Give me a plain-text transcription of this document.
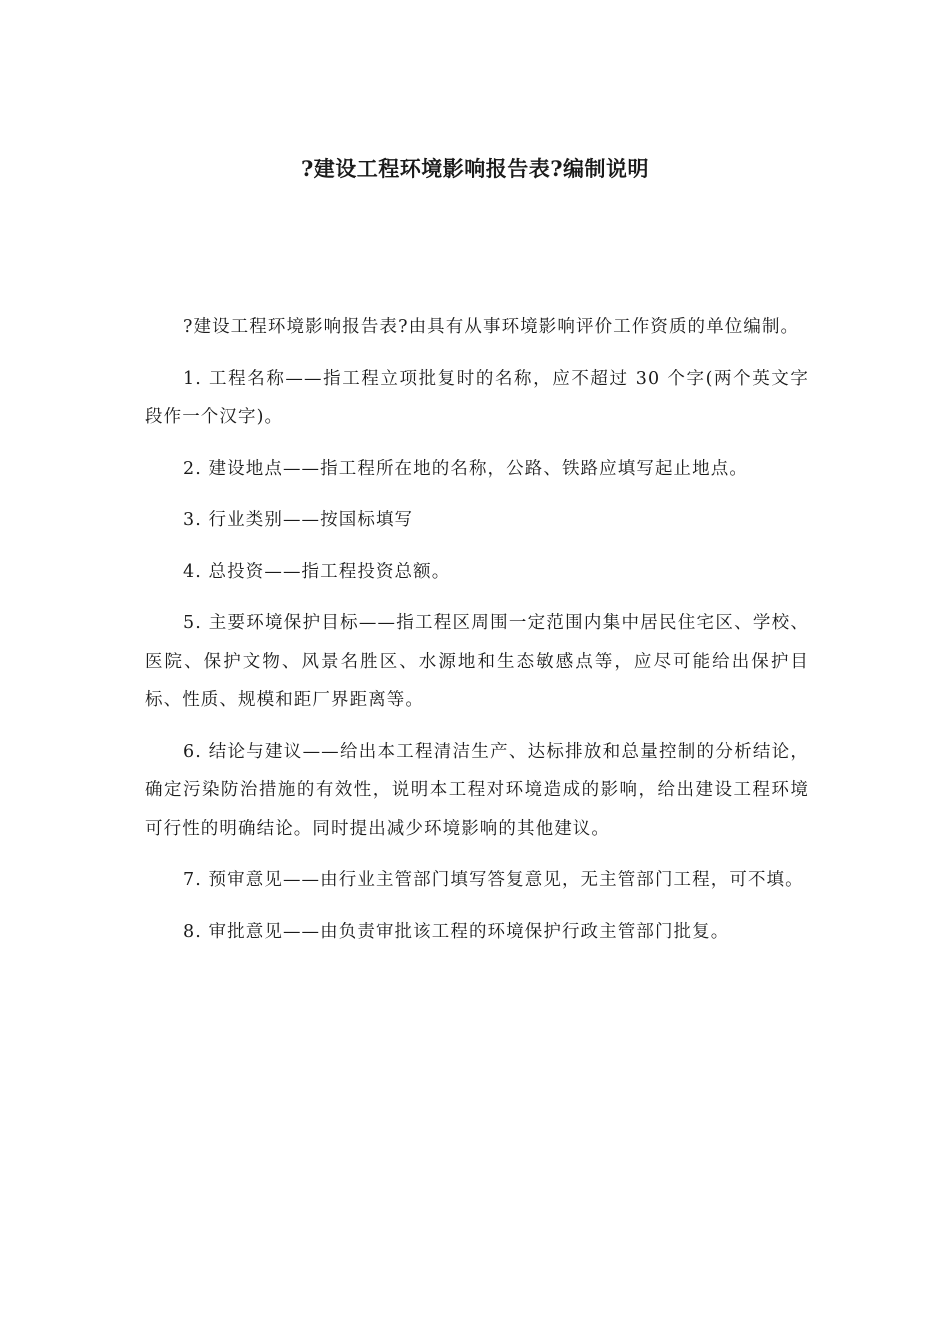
?建设工程环境影响报告表?编制说明

?建设工程环境影响报告表?由具有从事环境影响评价工作资质的单位编制。

1. 工程名称——指工程立项批复时的名称，应不超过 30 个字(两个英文字段作一个汉字)。

2. 建设地点——指工程所在地的名称，公路、铁路应填写起止地点。

3. 行业类别——按国标填写

4. 总投资——指工程投资总额。

5. 主要环境保护目标——指工程区周围一定范围内集中居民住宅区、学校、医院、保护文物、风景名胜区、水源地和生态敏感点等，应尽可能给出保护目标、性质、规模和距厂界距离等。

6. 结论与建议——给出本工程清洁生产、达标排放和总量控制的分析结论，确定污染防治措施的有效性，说明本工程对环境造成的影响，给出建设工程环境可行性的明确结论。同时提出减少环境影响的其他建议。

7. 预审意见——由行业主管部门填写答复意见，无主管部门工程，可不填。

8. 审批意见——由负责审批该工程的环境保护行政主管部门批复。
